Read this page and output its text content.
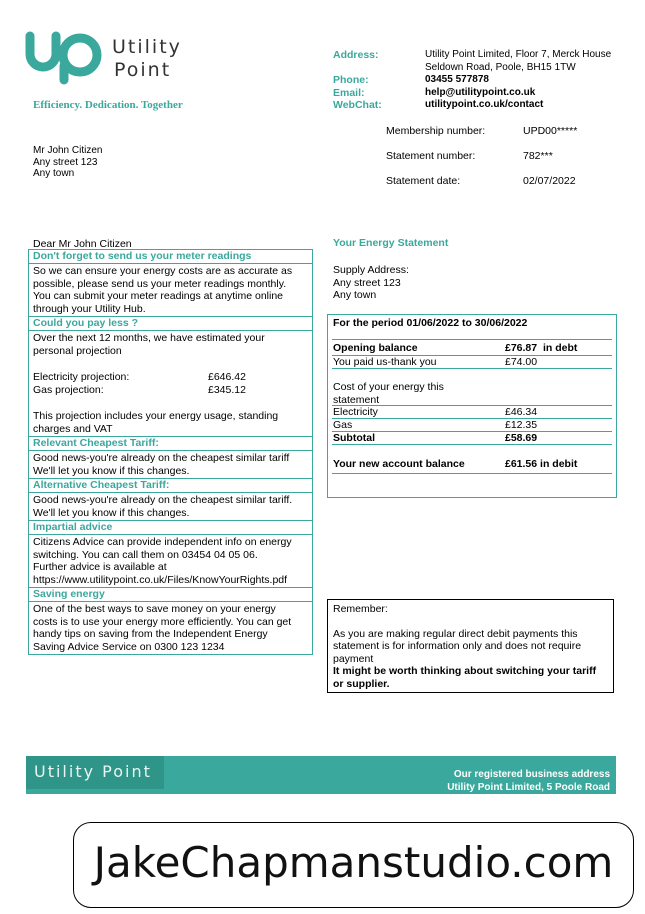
Utility
Point
Efficiency. Dedication. Together
Address:	Utility Point Limited, Floor 7, Merck House
Seldown Road, Poole, BH15 1TW
Phone:	03455 577878
Email:	help@utilitypoint.co.uk
WebChat:	utilitypoint.co.uk/contact
Membership number:	UPD00*****
Statement number:	782***
Statement date:	02/07/2022
Mr John Citizen
Any street 123
Any town
Dear Mr John Citizen
Don't forget to send us your meter readings
So we can ensure your energy costs are as accurate as
possible, please send us your meter readings monthly.
You can submit your meter readings at anytime online
through your Utility Hub.
Could you pay less ?
Over the next 12 months, we have estimated your
personal projection
Electricity projection:	£646.42
Gas projection:	£345.12
This projection includes your energy usage, standing
charges and VAT
Relevant Cheapest Tariff:
Good news-you're already on the cheapest similar tariff
We'll let you know if this changes.
Alternative Cheapest Tariff:
Good news-you're already on the cheapest similar tariff.
We'll let you know if this changes.
Impartial advice
Citizens Advice can provide independent info on energy
switching. You can call them on 03454 04 05 06.
Further advice is available at
https://www.utilitypoint.co.uk/Files/KnowYourRights.pdf
Saving energy
One of the best ways to save money on your energy
costs is to use your energy more efficiently. You can get
handy tips on saving from the Independent Energy
Saving Advice Service on 0300 123 1234
Your Energy Statement
Supply Address:
Any street 123
Any town
For the period 01/06/2022 to 30/06/2022
Opening balance	£76.87  in debt
You paid us-thank you	£74.00
Cost of your energy this
statement
Electricity	£46.34
Gas	£12.35
Subtotal	£58.69
Your new account balance	£61.56 in debit
Remember:
As you are making regular direct debit payments this
statement is for information only and does not require
payment
It might be worth thinking about switching your tariff
or supplier.
Utility Point	Our registered business address
Utility Point Limited, 5 Poole Road
JakeChapmanstudio.com
